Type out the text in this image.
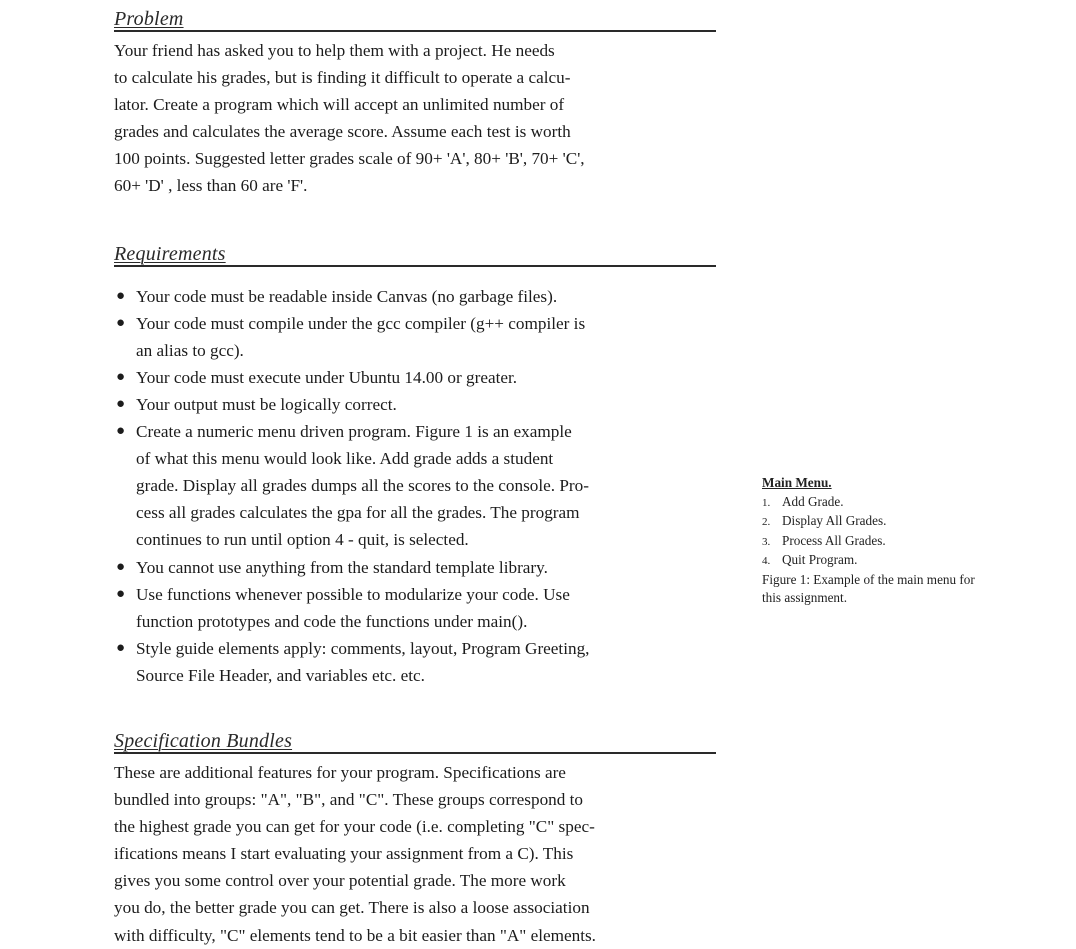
Problem
Your friend has asked you to help them with a project. He needs
to calculate his grades, but is finding it difficult to operate a calcu-
lator. Create a program which will accept an unlimited number of
grades and calculates the average score. Assume each test is worth
100 points. Suggested letter grades scale of 90+ 'A', 80+ 'B', 70+ 'C',
60+ 'D' , less than 60 are 'F'.
Requirements
● Your code must be readable inside Canvas (no garbage files).
● Your code must compile under the gcc compiler (g++ compiler is
an alias to gcc).
● Your code must execute under Ubuntu 14.00 or greater.
● Your output must be logically correct.
● Create a numeric menu driven program. Figure 1 is an example
of what this menu would look like. Add grade adds a student
grade. Display all grades dumps all the scores to the console. Pro-
cess all grades calculates the gpa for all the grades. The program
continues to run until option 4 - quit, is selected.
● You cannot use anything from the standard template library.
● Use functions whenever possible to modularize your code. Use
function prototypes and code the functions under main().
● Style guide elements apply: comments, layout, Program Greeting,
Source File Header, and variables etc. etc.
Specification Bundles
These are additional features for your program. Specifications are
bundled into groups: "A", "B", and "C". These groups correspond to
the highest grade you can get for your code (i.e. completing "C" spec-
ifications means I start evaluating your assignment from a C). This
gives you some control over your potential grade. The more work
you do, the better grade you can get. There is also a loose association
with difficulty, "C" elements tend to be a bit easier than "A" elements.
Main Menu.
1. Add Grade.
2. Display All Grades.
3. Process All Grades.
4. Quit Program.
Figure 1: Example of the main menu for
this assignment.
